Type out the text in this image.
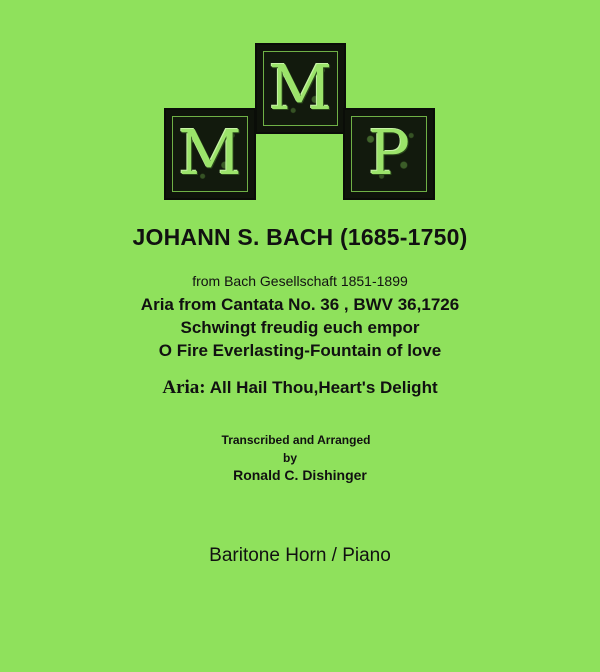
M
M	P
JOHANN S. BACH (1685-1750)
from Bach Gesellschaft 1851-1899
Aria from Cantata No. 36 , BWV 36,1726
Schwingt freudig euch empor
O Fire Everlasting-Fountain of love
Aria: All Hail Thou,Heart's Delight
Transcribed and Arranged
by
Ronald C. Dishinger
Baritone Horn / Piano
